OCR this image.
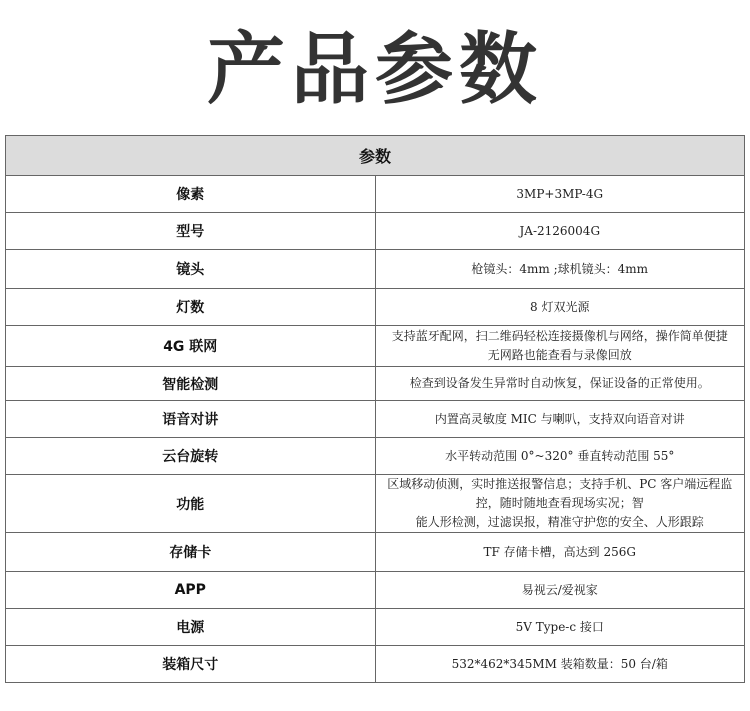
产品参数
参数	
像素	3MP+3MP-4G
型号	JA-2126004G
镜头	枪镜头：4mm ;球机镜头：4mm
灯数	8 灯双光源
4G 联网	支持蓝牙配网，扫二维码轻松连接摄像机与网络，操作简单便捷
无网路也能查看与录像回放

智能检测	检查到设备发生异常时自动恢复，保证设备的正常使用。
语音对讲	内置高灵敏度 MIC 与喇叭，支持双向语音对讲
云台旋转	水平转动范围 0°~320° 垂直转动范围 55°
功能	区域移动侦测，实时推送报警信息；支持手机、PC 客户端远程监控，随时随地查看现场实况；智
能人形检测，过滤误报，精准守护您的安全、人形跟踪

存储卡	TF 存储卡槽，高达到 256G
APP	易视云/爱视家
电源	5V Type-c 接口
装箱尺寸	532*462*345MM 装箱数量：50 台/箱
